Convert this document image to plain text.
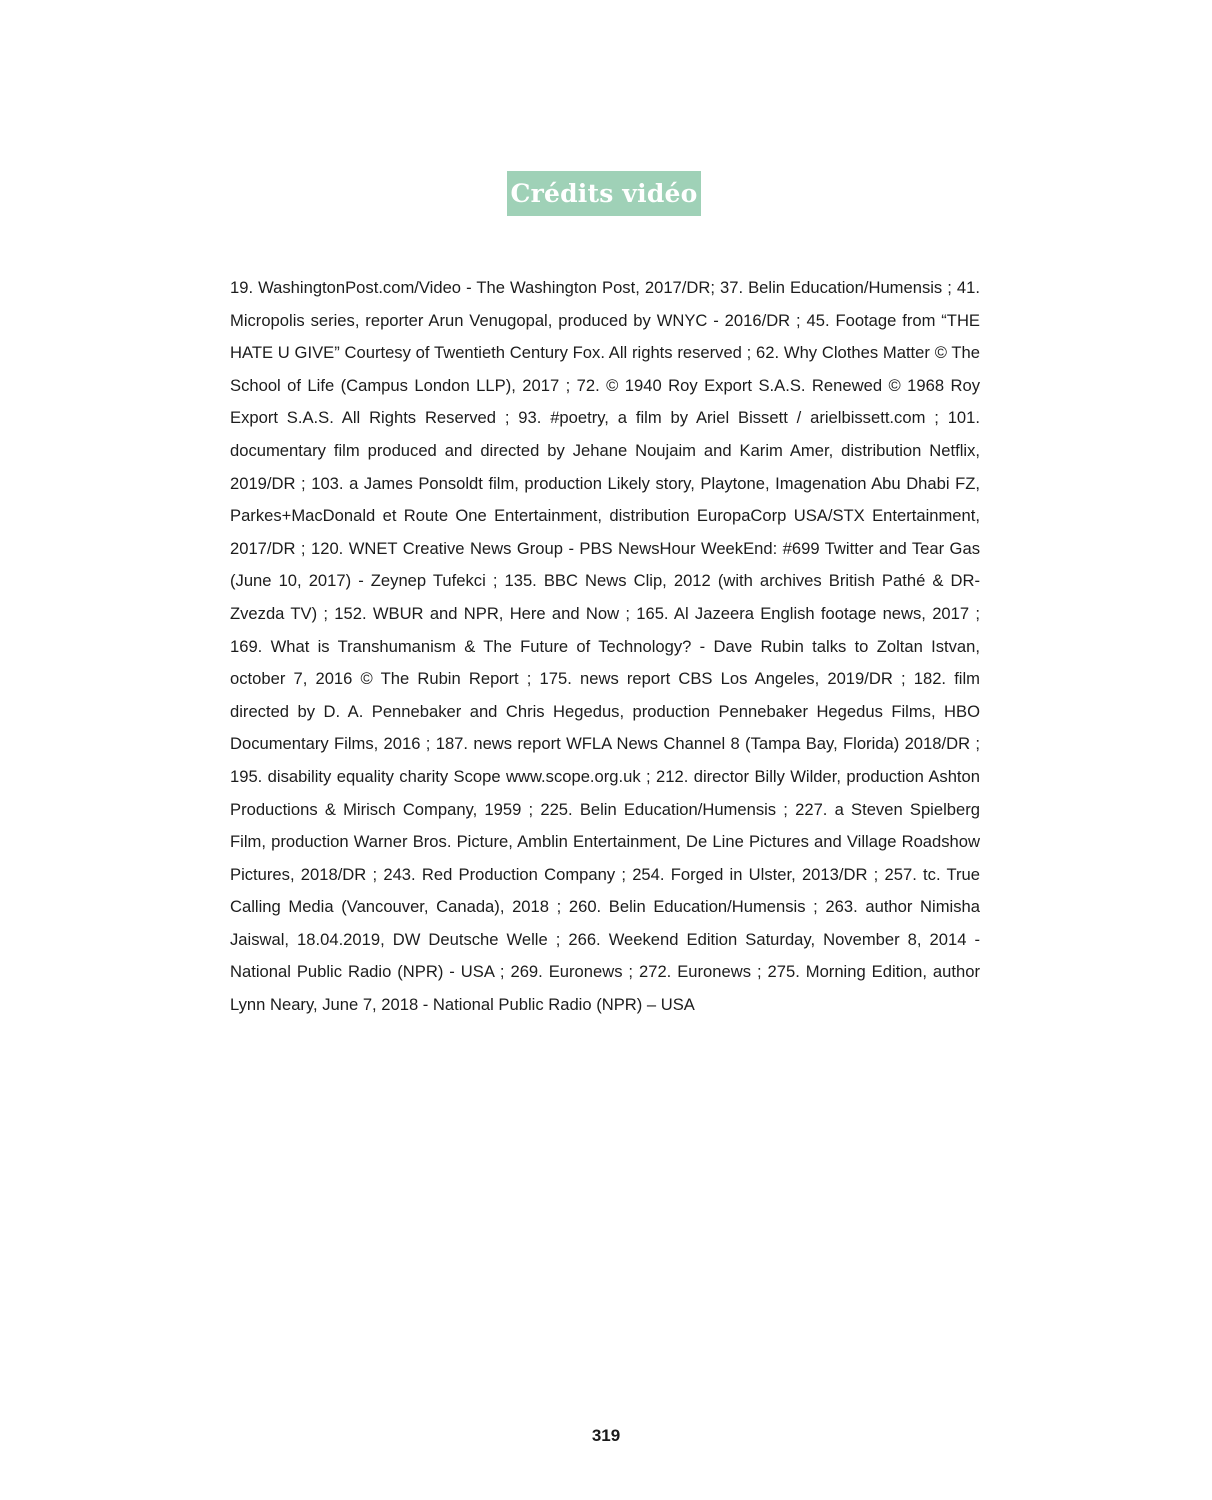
Crédits vidéo

19. WashingtonPost.com/Video - The Washington Post, 2017/DR; 37. Belin Education/Humensis ; 41. Micropolis series, reporter Arun Venugopal, produced by WNYC - 2016/DR ; 45. Footage from “THE HATE U GIVE” Courtesy of Twentieth Century Fox. All rights reserved ; 62. Why Clothes Matter © The School of Life (Campus London LLP), 2017 ; 72. © 1940 Roy Export S.A.S. Renewed © 1968 Roy Export S.A.S. All Rights Reserved ; 93. #poetry, a film by Ariel Bissett / arielbissett.com ; 101. documentary film produced and directed by Jehane Noujaim and Karim Amer, distribution Netflix, 2019/DR ; 103. a James Ponsoldt film, production Likely story, Playtone, Imagenation Abu Dhabi FZ, Parkes+MacDonald et Route One Entertainment, distribution EuropaCorp USA/STX Entertainment, 2017/DR ; 120. WNET Creative News Group - PBS NewsHour WeekEnd: #699 Twitter and Tear Gas (June 10, 2017) - Zeynep Tufekci ; 135. BBC News Clip, 2012 (with archives British Pathé & DR-Zvezda TV) ; 152. WBUR and NPR, Here and Now ; 165. Al Jazeera English footage news, 2017 ; 169. What is Transhumanism & The Future of Technology? - Dave Rubin talks to Zoltan Istvan, october 7, 2016 © The Rubin Report ; 175. news report CBS Los Angeles, 2019/DR ; 182. film directed by D. A. Pennebaker and Chris Hegedus, production Pennebaker Hegedus Films, HBO Documentary Films, 2016 ; 187. news report WFLA News Channel 8 (Tampa Bay, Florida) 2018/DR ; 195. disability equality charity Scope www.scope.org.uk ; 212. director Billy Wilder, production Ashton Productions & Mirisch Company, 1959 ; 225. Belin Education/Humensis ; 227. a Steven Spielberg Film, production Warner Bros. Picture, Amblin Entertainment, De Line Pictures and Village Roadshow Pictures, 2018/DR ; 243. Red Production Company ; 254. Forged in Ulster, 2013/DR ; 257. tc. True Calling Media (Vancouver, Canada), 2018 ; 260. Belin Education/Humensis ; 263. author Nimisha Jaiswal, 18.04.2019, DW Deutsche Welle ; 266. Weekend Edition Saturday, November 8, 2014 - National Public Radio (NPR) - USA ; 269. Euronews ; 272. Euronews ; 275. Morning Edition, author Lynn Neary, June 7, 2018 - National Public Radio (NPR) – USA

319
